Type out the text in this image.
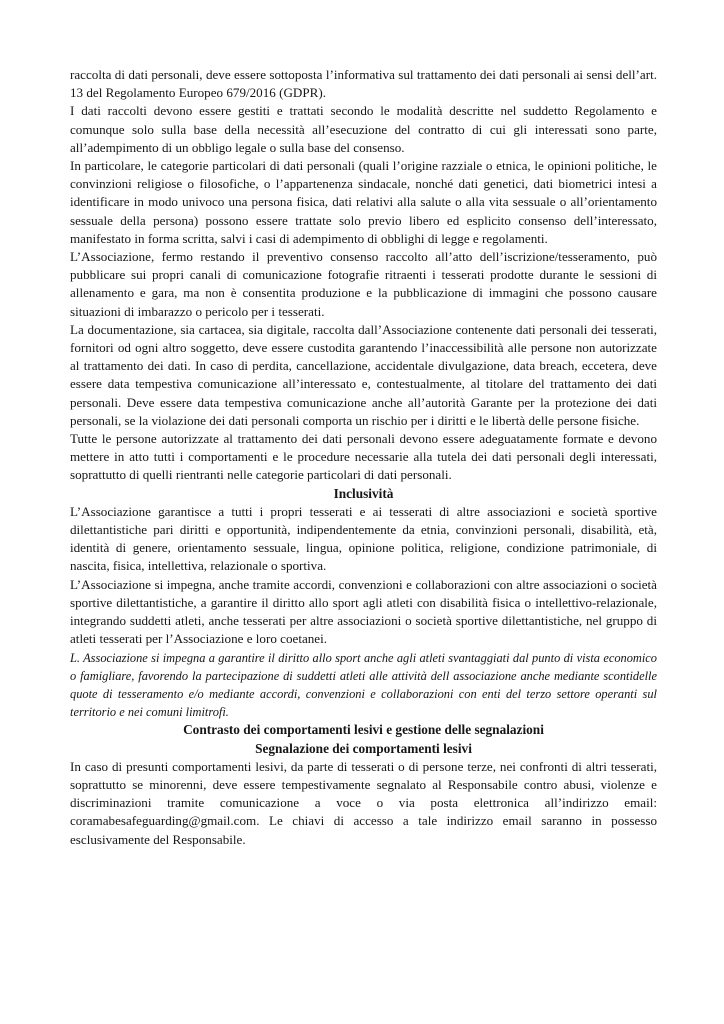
raccolta di dati personali, deve essere sottoposta l’informativa sul trattamento dei dati personali ai sensi dell’art. 13 del Regolamento Europeo 679/2016 (GDPR).

I dati raccolti devono essere gestiti e trattati secondo le modalità descritte nel suddetto Regolamento e comunque solo sulla base della necessità all’esecuzione del contratto di cui gli interessati sono parte, all’adempimento di un obbligo legale o sulla base del consenso.

In particolare, le categorie particolari di dati personali (quali l’origine razziale o etnica, le opinioni politiche, le convinzioni religiose o filosofiche, o l’appartenenza sindacale, nonché dati genetici, dati biometrici intesi a identificare in modo univoco una persona fisica, dati relativi alla salute o alla vita sessuale o all’orientamento sessuale della persona) possono essere trattate solo previo libero ed esplicito consenso dell’interessato, manifestato in forma scritta, salvi i casi di adempimento di obblighi di legge e regolamenti.

L’Associazione, fermo restando il preventivo consenso raccolto all’atto dell’iscrizione/tesseramento, può pubblicare sui propri canali di comunicazione fotografie ritraenti i tesserati prodotte durante le sessioni di allenamento e gara, ma non è consentita produzione e la pubblicazione di immagini che possono causare situazioni di imbarazzo o pericolo per i tesserati.

La documentazione, sia cartacea, sia digitale, raccolta dall’Associazione contenente dati personali dei tesserati, fornitori od ogni altro soggetto, deve essere custodita garantendo l’inaccessibilità alle persone non autorizzate al trattamento dei dati. In caso di perdita, cancellazione, accidentale divulgazione, data breach, eccetera, deve essere data tempestiva comunicazione all’interessato e, contestualmente, al titolare del trattamento dei dati personali. Deve essere data tempestiva comunicazione anche all’autorità Garante per la protezione dei dati personali, se la violazione dei dati personali comporta un rischio per i diritti e le libertà delle persone fisiche.

Tutte le persone autorizzate al trattamento dei dati personali devono essere adeguatamente formate e devono mettere in atto tutti i comportamenti e le procedure necessarie alla tutela dei dati personali degli interessati, soprattutto di quelli rientranti nelle categorie particolari di dati personali.

Inclusività

L’Associazione garantisce a tutti i propri tesserati e ai tesserati di altre associazioni e società sportive dilettantistiche pari diritti e opportunità, indipendentemente da etnia, convinzioni personali, disabilità, età, identità di genere, orientamento sessuale, lingua, opinione politica, religione, condizione patrimoniale, di nascita, fisica, intellettiva, relazionale o sportiva.

L’Associazione si impegna, anche tramite accordi, convenzioni e collaborazioni con altre associazioni o società sportive dilettantistiche, a garantire il diritto allo sport agli atleti con disabilità fisica o intellettivo-relazionale, integrando suddetti atleti, anche tesserati per altre associazioni o società sportive dilettantistiche, nel gruppo di atleti tesserati per l’Associazione e loro coetanei.

L. Associazione si impegna a garantire il diritto allo sport anche agli atleti svantaggiati dal punto di vista economico o famigliare, favorendo la partecipazione di suddetti atleti alle attività dell associazione anche mediante scontidelle quote di tesseramento e/o mediante accordi, convenzioni e collaborazioni con enti del terzo settore operanti sul territorio e nei comuni limitrofi.

Contrasto dei comportamenti lesivi e gestione delle segnalazioni
Segnalazione dei comportamenti lesivi

In caso di presunti comportamenti lesivi, da parte di tesserati o di persone terze, nei confronti di altri tesserati, soprattutto se minorenni, deve essere tempestivamente segnalato al Responsabile contro abusi, violenze e discriminazioni tramite comunicazione a voce o via posta elettronica all’indirizzo email: coramabesafeguarding@gmail.com. Le chiavi di accesso a tale indirizzo email saranno in possesso esclusivamente del Responsabile.
